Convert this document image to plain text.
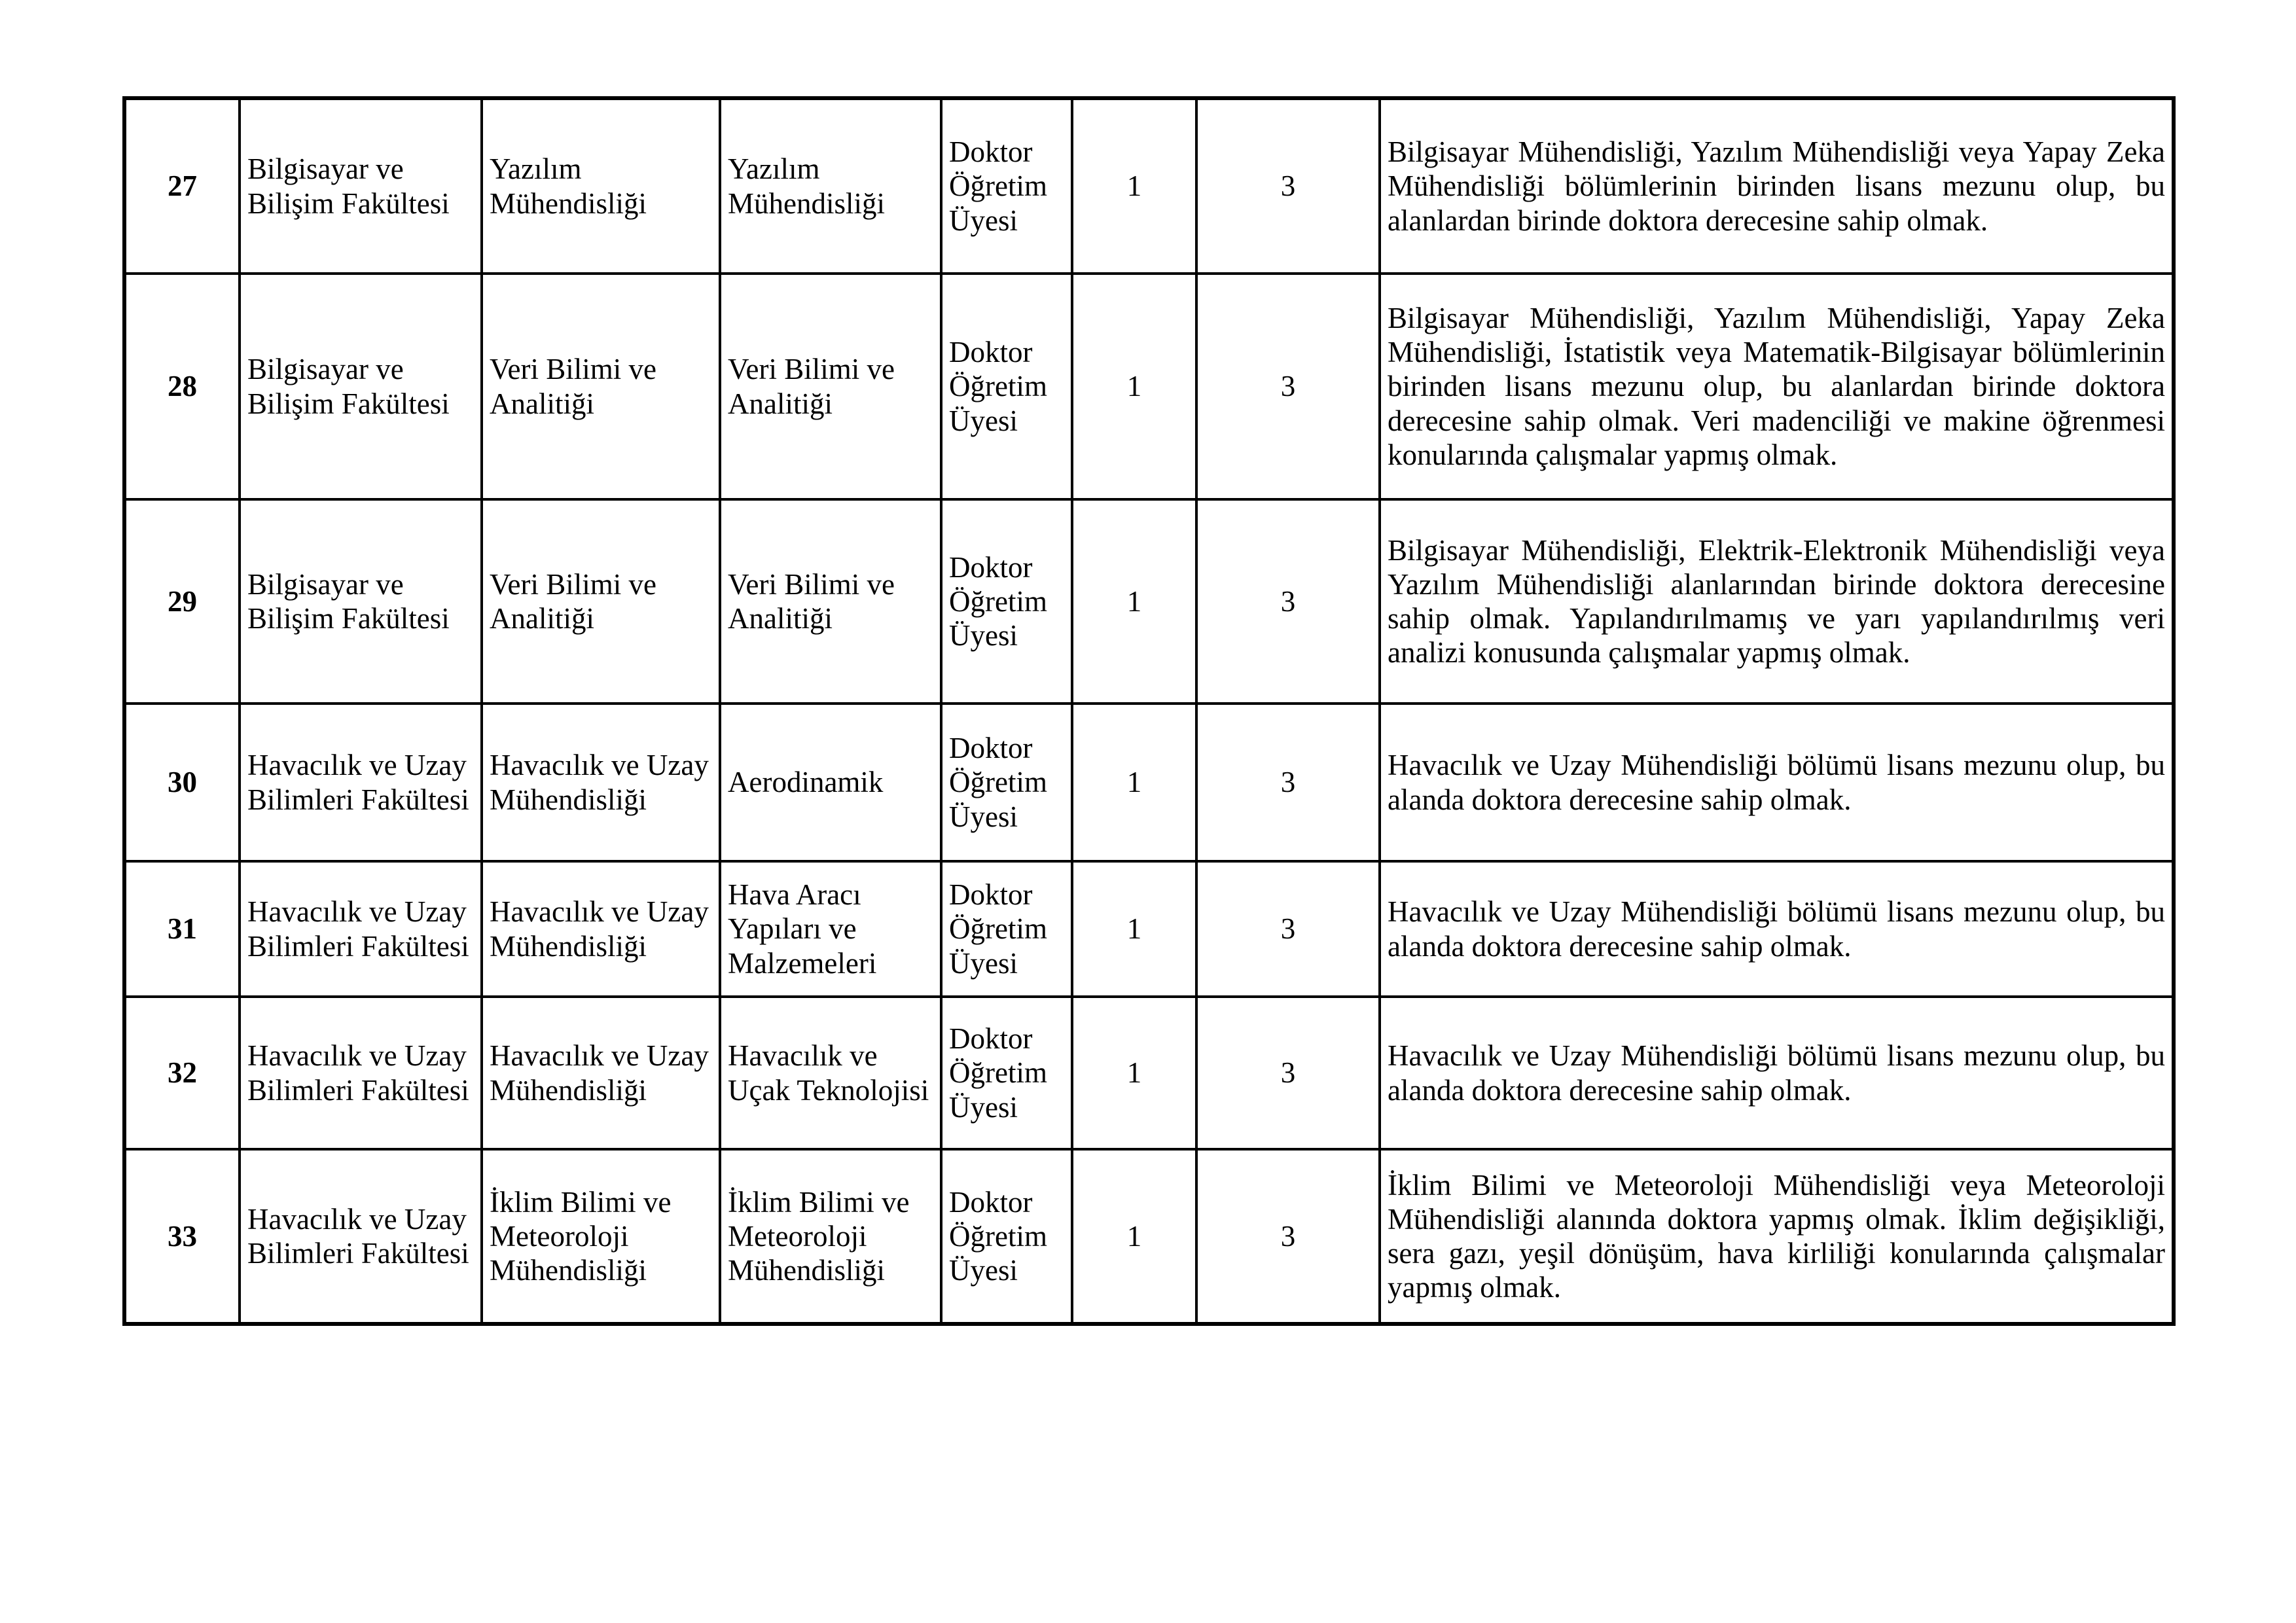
27	Bilgisayar ve Bilişim Fakültesi	Yazılım Mühendisliği	Yazılım Mühendisliği	Doktor Öğretim Üyesi	1	3	Bilgisayar Mühendisliği, Yazılım Mühendisliği veya Yapay Zeka Mühendisliği bölümlerinin birinden lisans mezunu olup, bu alanlardan birinde doktora derecesine sahip olmak.
28	Bilgisayar ve Bilişim Fakültesi	Veri Bilimi ve Analitiği	Veri Bilimi ve Analitiği	Doktor Öğretim Üyesi	1	3	Bilgisayar Mühendisliği, Yazılım Mühendisliği, Yapay Zeka Mühendisliği, İstatistik veya Matematik-Bilgisayar bölümlerinin birinden lisans mezunu olup, bu alanlardan birinde doktora derecesine sahip olmak. Veri madenciliği ve makine öğrenmesi konularında çalışmalar yapmış olmak.
29	Bilgisayar ve Bilişim Fakültesi	Veri Bilimi ve Analitiği	Veri Bilimi ve Analitiği	Doktor Öğretim Üyesi	1	3	Bilgisayar Mühendisliği, Elektrik-Elektronik Mühendisliği veya Yazılım Mühendisliği alanlarından birinde doktora derecesine sahip olmak. Yapılandırılmamış ve yarı yapılandırılmış veri analizi konusunda çalışmalar yapmış olmak.
30	Havacılık ve Uzay Bilimleri Fakültesi	Havacılık ve Uzay Mühendisliği	Aerodinamik	Doktor Öğretim Üyesi	1	3	Havacılık ve Uzay Mühendisliği bölümü lisans mezunu olup, bu alanda doktora derecesine sahip olmak.
31	Havacılık ve Uzay Bilimleri Fakültesi	Havacılık ve Uzay Mühendisliği	Hava Aracı Yapıları ve Malzemeleri	Doktor Öğretim Üyesi	1	3	Havacılık ve Uzay Mühendisliği bölümü lisans mezunu olup, bu alanda doktora derecesine sahip olmak.
32	Havacılık ve Uzay Bilimleri Fakültesi	Havacılık ve Uzay Mühendisliği	Havacılık ve Uçak Teknolojisi	Doktor Öğretim Üyesi	1	3	Havacılık ve Uzay Mühendisliği bölümü lisans mezunu olup, bu alanda doktora derecesine sahip olmak.
33	Havacılık ve Uzay Bilimleri Fakültesi	İklim Bilimi ve Meteoroloji Mühendisliği	İklim Bilimi ve Meteoroloji Mühendisliği	Doktor Öğretim Üyesi	1	3	İklim Bilimi ve Meteoroloji Mühendisliği veya Meteoroloji Mühendisliği alanında doktora yapmış olmak. İklim değişikliği, sera gazı, yeşil dönüşüm, hava kirliliği konularında çalışmalar yapmış olmak.
